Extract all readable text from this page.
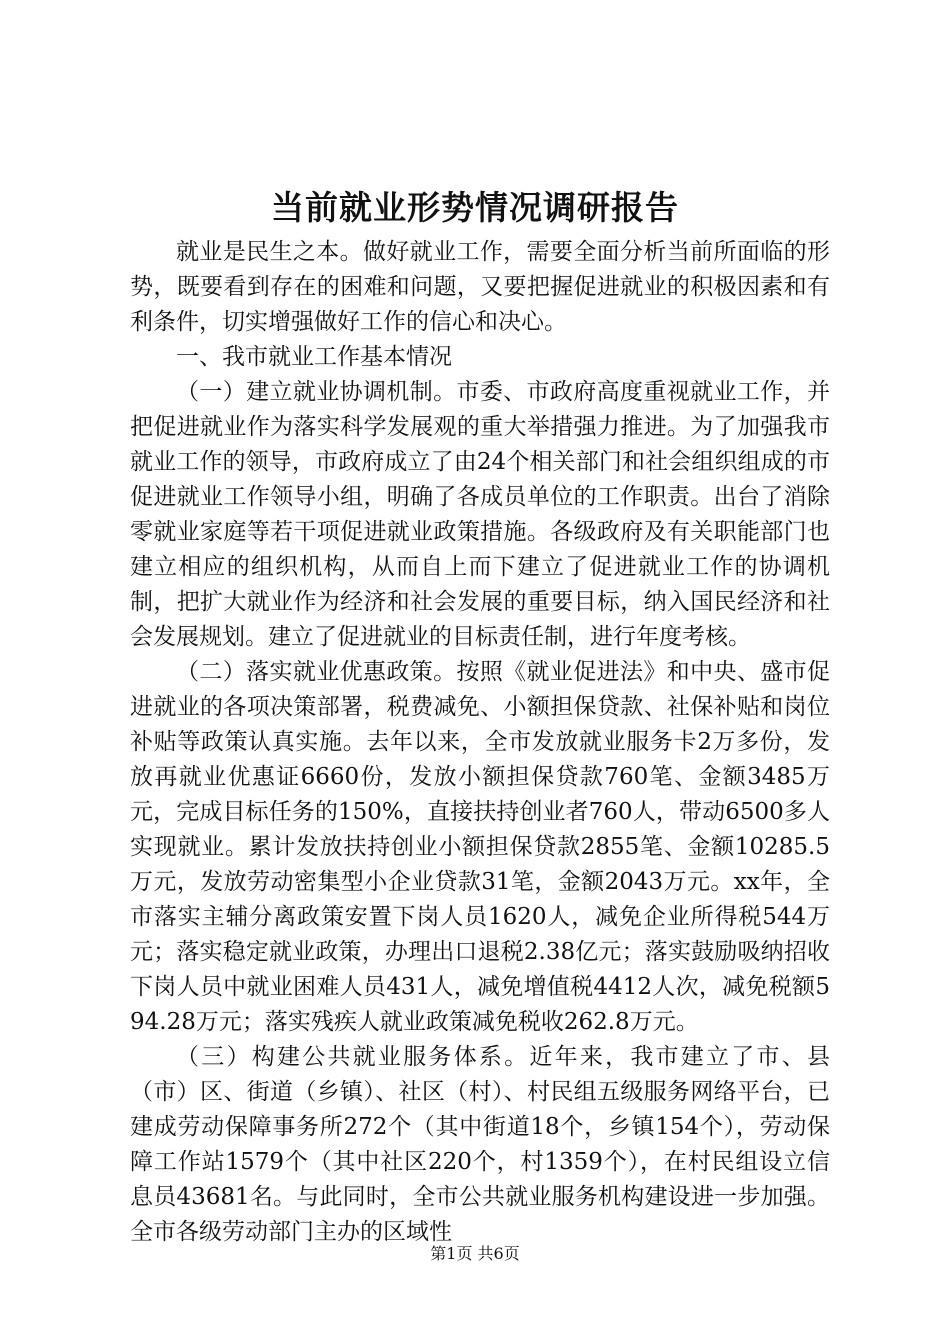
当前就业形势情况调研报告

就业是民生之本。做好就业工作，需要全面分析当前所面临的形势，既要看到存在的困难和问题，又要把握促进就业的积极因素和有利条件，切实增强做好工作的信心和决心。

一、我市就业工作基本情况

（一）建立就业协调机制。市委、市政府高度重视就业工作，并把促进就业作为落实科学发展观的重大举措强力推进。为了加强我市就业工作的领导，市政府成立了由24个相关部门和社会组织组成的市促进就业工作领导小组，明确了各成员单位的工作职责。出台了消除零就业家庭等若干项促进就业政策措施。各级政府及有关职能部门也建立相应的组织机构，从而自上而下建立了促进就业工作的协调机制，把扩大就业作为经济和社会发展的重要目标，纳入国民经济和社会发展规划。建立了促进就业的目标责任制，进行年度考核。

（二）落实就业优惠政策。按照《就业促进法》和中央、盛市促进就业的各项决策部署，税费减免、小额担保贷款、社保补贴和岗位补贴等政策认真实施。去年以来，全市发放就业服务卡2万多份，发放再就业优惠证6660份，发放小额担保贷款760笔、金额3485万元，完成目标任务的150%，直接扶持创业者760人，带动6500多人实现就业。累计发放扶持创业小额担保贷款2855笔、金额10285.5万元，发放劳动密集型小企业贷款31笔，金额2043万元。xx年，全市落实主辅分离政策安置下岗人员1620人，减免企业所得税544万元；落实稳定就业政策，办理出口退税2.38亿元；落实鼓励吸纳招收下岗人员中就业困难人员431人，减免增值税4412人次，减免税额594.28万元；落实残疾人就业政策减免税收262.8万元。

（三）构建公共就业服务体系。近年来，我市建立了市、县（市）区、街道（乡镇）、社区（村）、村民组五级服务网络平台，已建成劳动保障事务所272个（其中街道18个，乡镇154个），劳动保障工作站1579个（其中社区220个，村1359个），在村民组设立信息员43681名。与此同时，全市公共就业服务机构建设进一步加强。全市各级劳动部门主办的区域性

第1页 共6页
